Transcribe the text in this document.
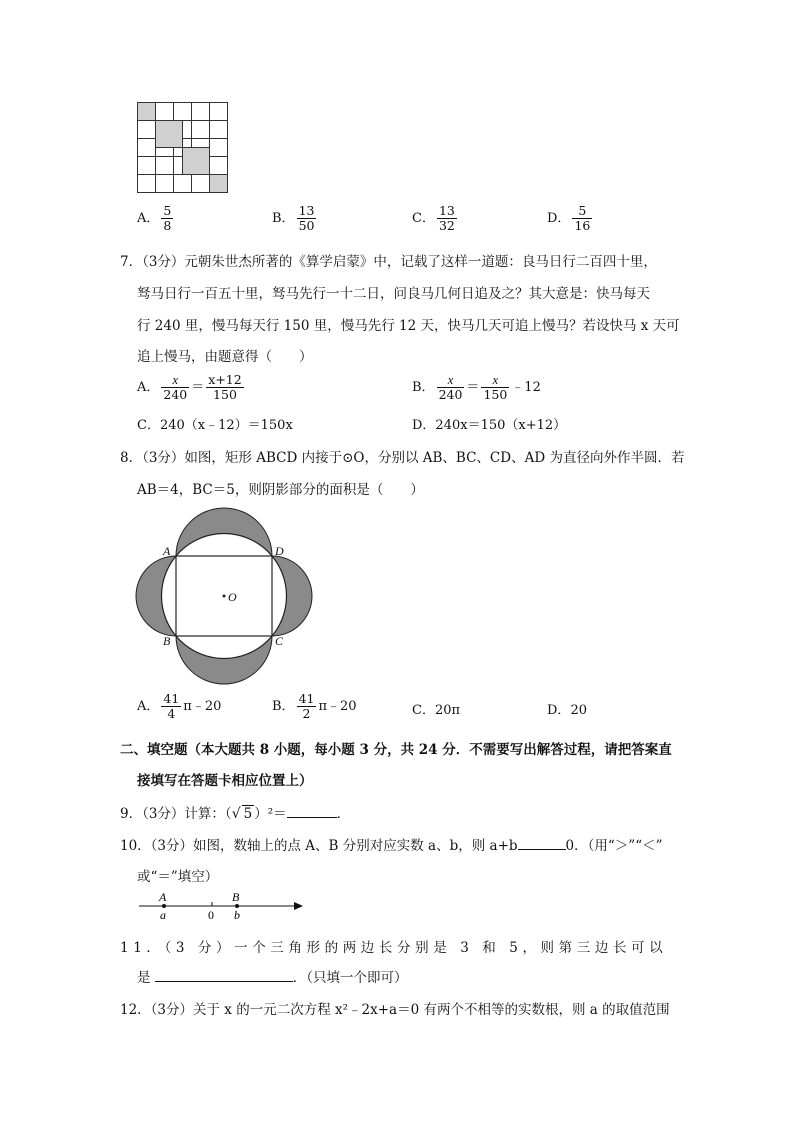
A． $\frac{5}{8}$	B． $\frac{13}{50}$	C． $\frac{13}{32}$	D． $\frac{5}{16}$
7．（3分）元朝朱世杰所著的《算学启蒙》中，记载了这样一道题：良马日行二百四十里，
驽马日行一百五十里，驽马先行一十二日，问良马几何日追及之？其大意是：快马每天
行 240 里，慢马每天行 150 里，慢马先行 12 天，快马几天可追上慢马？若设快马 x 天可
追上慢马，由题意得（　　）
A． $\frac{x}{240} = \frac{x+12}{150}$	B． $\frac{x}{240} = \frac{x}{150}$ ﹣12
C．240（x﹣12）＝150x	D．240x＝150（x+12）
8．（3分）如图，矩形 ABCD 内接于⊙O，分别以 AB、BC、CD、AD 为直径向外作半圆．若
AB＝4，BC＝5，则阴影部分的面积是（　　）
A	D
B	C
O
A． $\frac{41}{4}$ π﹣20	B． $\frac{41}{2}$ π﹣20	C．20π	D．20
二、填空题（本大题共 8 小题，每小题 3 分，共 24 分．不需要写出解答过程，请把答案直
接填写在答题卡相应位置上）
9．（3分）计算：（√ 5 ）²＝	．
10．（3分）如图，数轴上的点 A、B 分别对应实数 a、b，则 a+b	0．（用“＞”“＜”
或“＝”填空）
A
a	0
B
b
11．（3 分）一个三角形的两边长分别是 3 和 5，则第三边长可以
是	．（只填一个即可）
12．（3分）关于 x 的一元二次方程 x²﹣2x+a＝0 有两个不相等的实数根，则 a 的取值范围
